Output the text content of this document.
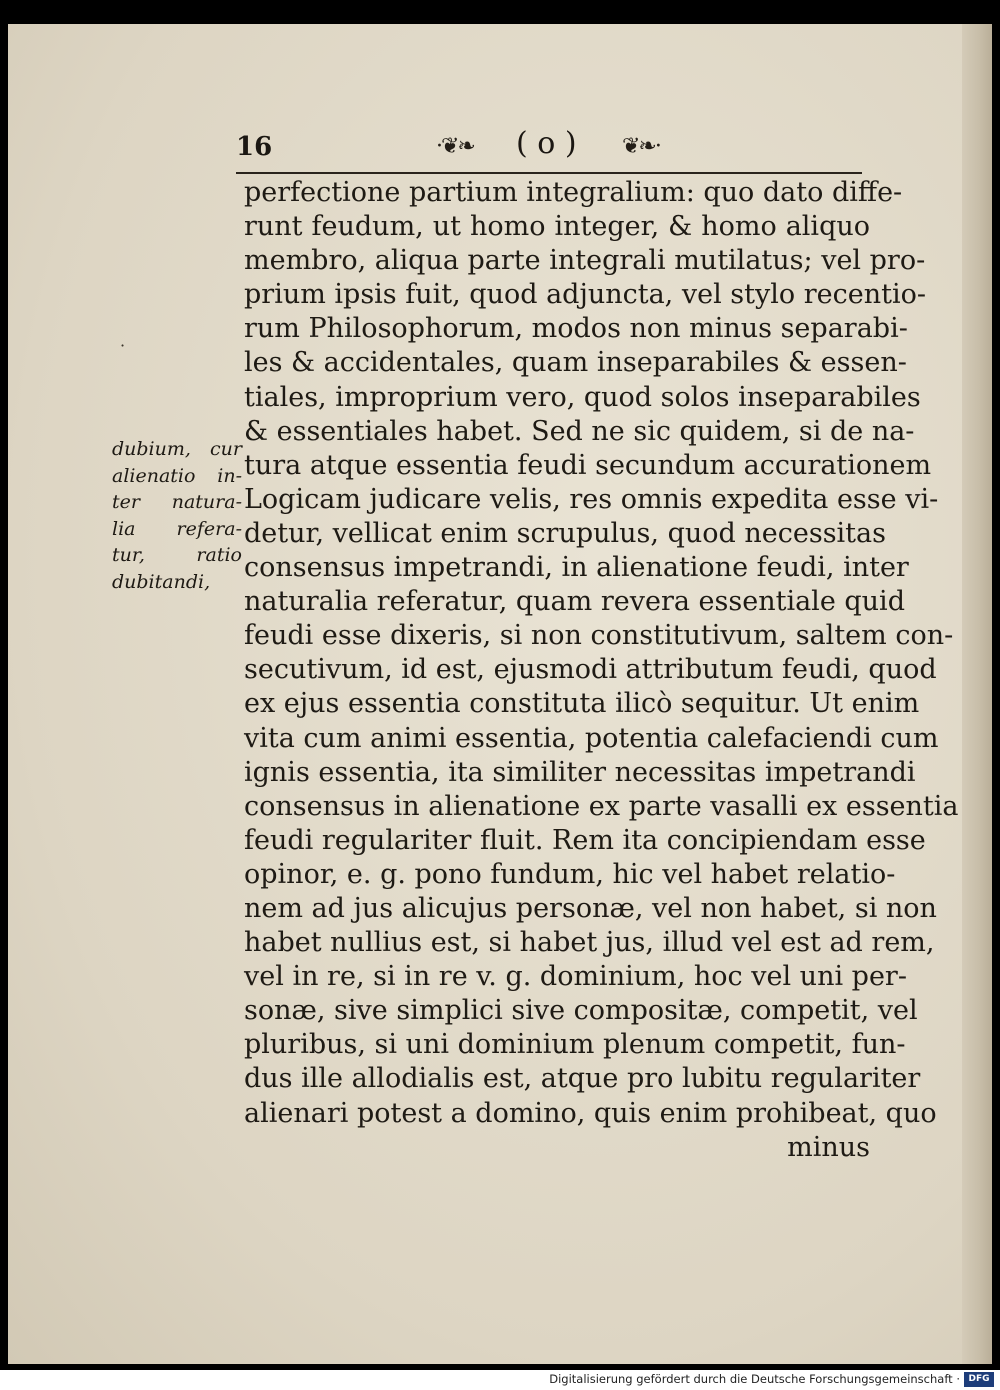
16	·❦❧ ( o ) ❦❧·
·
dubium, cur
alienatio in-
ter natura-
lia refera-
tur, ratio
dubitandi,
perfectione partium integralium: quo dato diffe-
runt feudum, ut homo integer, & homo aliquo
membro, aliqua parte integrali mutilatus; vel pro-
prium ipsis fuit, quod adjuncta, vel stylo recentio-
rum Philosophorum, modos non minus separabi-
les & accidentales, quam inseparabiles & essen-
tiales, improprium vero, quod solos inseparabiles
& essentiales habet. Sed ne sic quidem, si de na-
tura atque essentia feudi secundum accurationem
Logicam judicare velis, res omnis expedita esse vi-
detur, vellicat enim scrupulus, quod necessitas
consensus impetrandi, in alienatione feudi, inter
naturalia referatur, quam revera essentiale quid
feudi esse dixeris, si non constitutivum, saltem con-
secutivum, id est, ejusmodi attributum feudi, quod
ex ejus essentia constituta ilicò sequitur. Ut enim
vita cum animi essentia, potentia calefaciendi cum
ignis essentia, ita similiter necessitas impetrandi
consensus in alienatione ex parte vasalli ex essentia
feudi regulariter fluit. Rem ita concipiendam esse
opinor, e. g. pono fundum, hic vel habet relatio-
nem ad jus alicujus personæ, vel non habet, si non
habet nullius est, si habet jus, illud vel est ad rem,
vel in re, si in re v. g. dominium, hoc vel uni per-
sonæ, sive simplici sive compositæ, competit, vel
pluribus, si uni dominium plenum competit, fun-
dus ille allodialis est, atque pro lubitu regulariter
alienari potest a domino, quis enim prohibeat, quo
minus
Digitalisierung gefördert durch die Deutsche Forschungsgemeinschaft · DFG
